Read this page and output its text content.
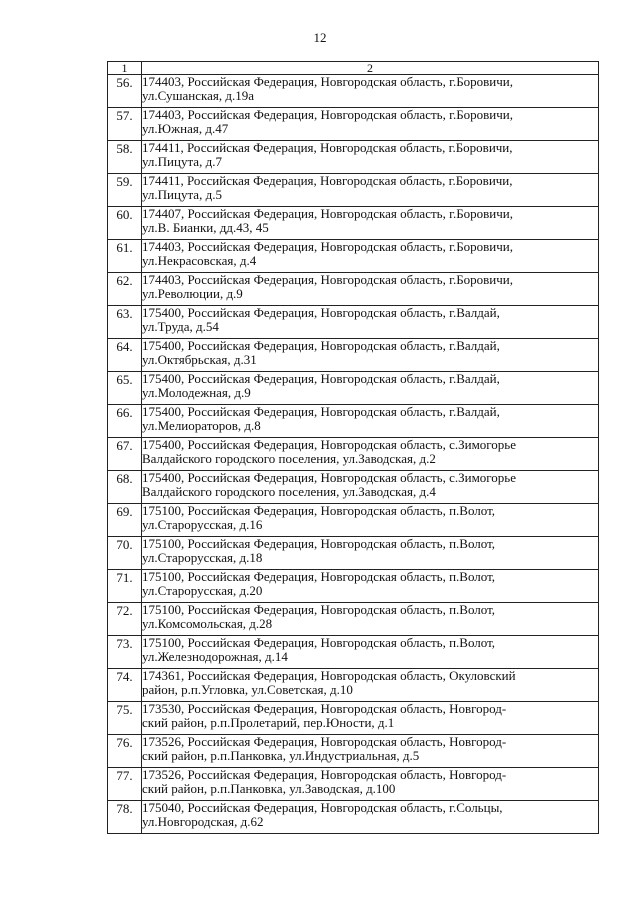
12
1	2
56.	174403, Российская Федерация, Новгородская область, г.Боровичи,
ул.Сушанская, д.19а

57.	174403, Российская Федерация, Новгородская область, г.Боровичи,
ул.Южная, д.47

58.	174411, Российская Федерация, Новгородская область, г.Боровичи,
ул.Пицута, д.7

59.	174411, Российская Федерация, Новгородская область, г.Боровичи,
ул.Пицута, д.5

60.	174407, Российская Федерация, Новгородская область, г.Боровичи,
ул.В. Бианки, дд.43, 45

61.	174403, Российская Федерация, Новгородская область, г.Боровичи,
ул.Некрасовская, д.4

62.	174403, Российская Федерация, Новгородская область, г.Боровичи,
ул.Революции, д.9

63.	175400, Российская Федерация, Новгородская область, г.Валдай,
ул.Труда, д.54

64.	175400, Российская Федерация, Новгородская область, г.Валдай,
ул.Октябрьская, д.31

65.	175400, Российская Федерация, Новгородская область, г.Валдай,
ул.Молодежная, д.9

66.	175400, Российская Федерация, Новгородская область, г.Валдай,
ул.Мелиораторов, д.8

67.	175400, Российская Федерация, Новгородская область, с.Зимогорье
Валдайского городского поселения, ул.Заводская, д.2

68.	175400, Российская Федерация, Новгородская область, с.Зимогорье
Валдайского городского поселения, ул.Заводская, д.4

69.	175100, Российская Федерация, Новгородская область, п.Волот,
ул.Старорусская, д.16

70.	175100, Российская Федерация, Новгородская область, п.Волот,
ул.Старорусская, д.18

71.	175100, Российская Федерация, Новгородская область, п.Волот,
ул.Старорусская, д.20

72.	175100, Российская Федерация, Новгородская область, п.Волот,
ул.Комсомольская, д.28

73.	175100, Российская Федерация, Новгородская область, п.Волот,
ул.Железнодорожная, д.14

74.	174361, Российская Федерация, Новгородская область, Окуловский
район, р.п.Угловка, ул.Советская, д.10

75.	173530, Российская Федерация, Новгородская область, Новгород-
ский район, р.п.Пролетарий, пер.Юности, д.1

76.	173526, Российская Федерация, Новгородская область, Новгород-
ский район, р.п.Панковка, ул.Индустриальная, д.5

77.	173526, Российская Федерация, Новгородская область, Новгород-
ский район, р.п.Панковка, ул.Заводская, д.100

78.	175040, Российская Федерация, Новгородская область, г.Сольцы,
ул.Новгородская, д.62
